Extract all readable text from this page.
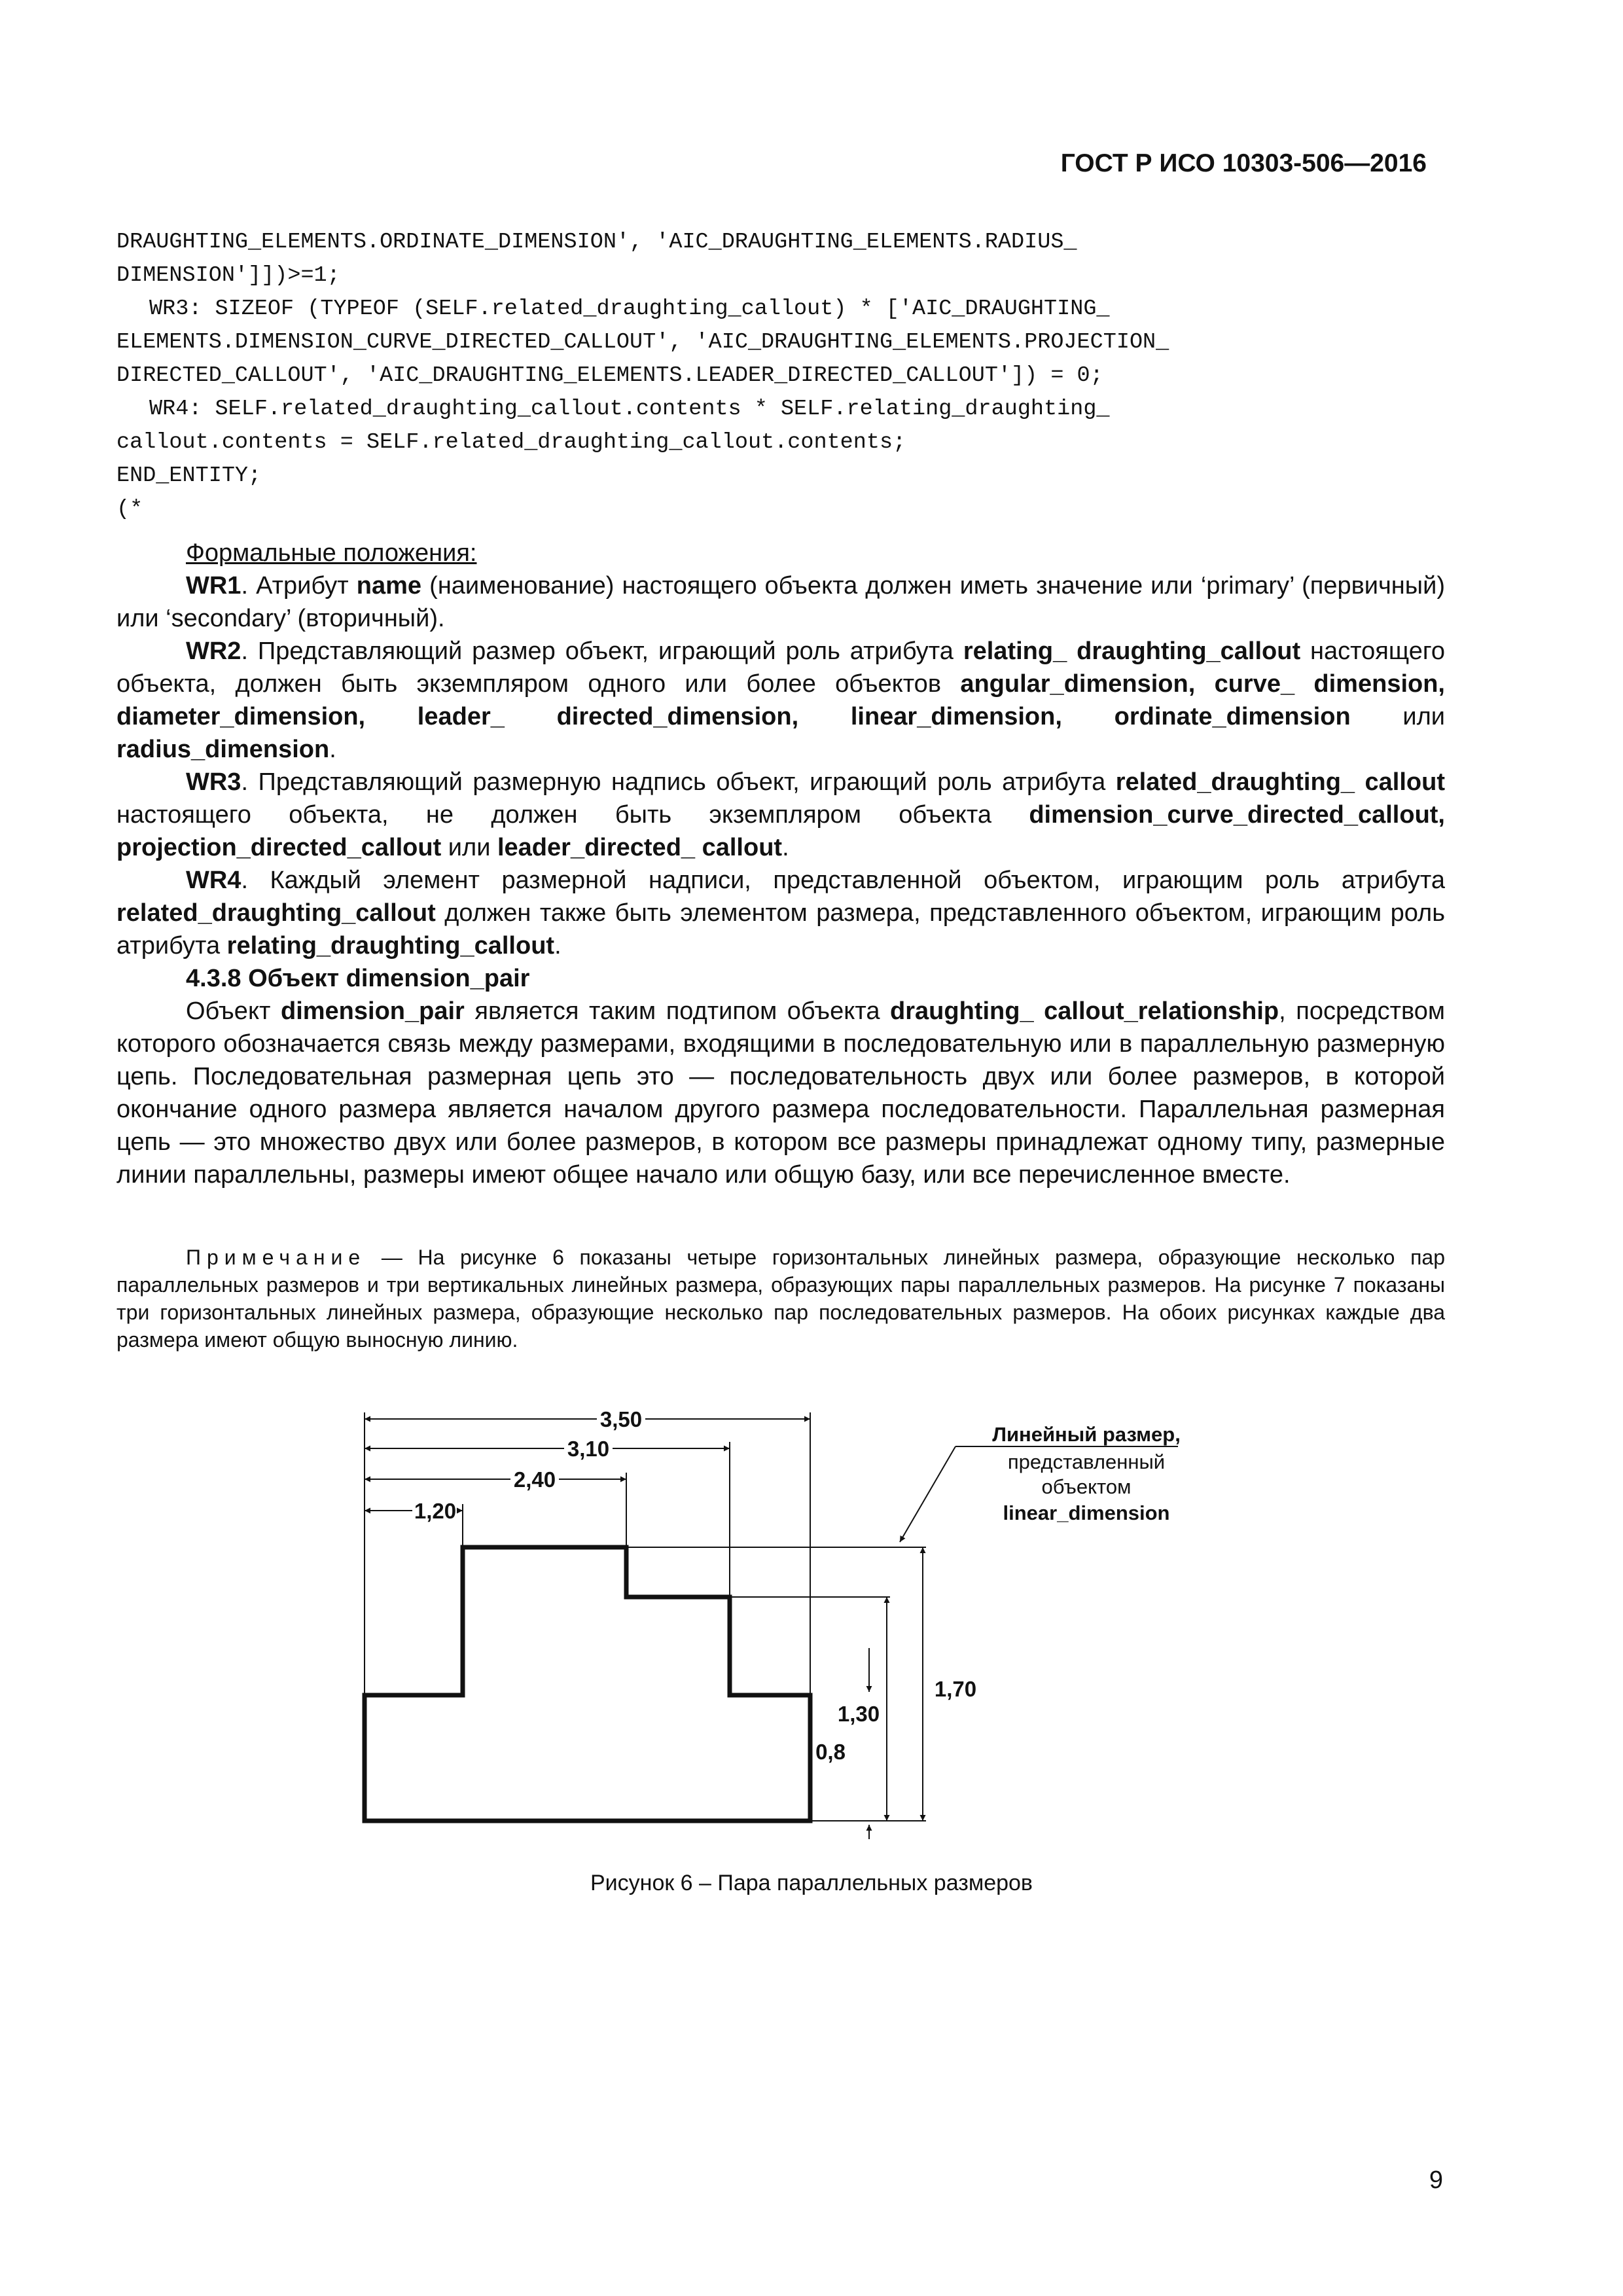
ГОСТ Р ИСО 10303-506—2016
DRAUGHTING_ELEMENTS.ORDINATE_DIMENSION', 'AIC_DRAUGHTING_ELEMENTS.RADIUS_
DIMENSION']])>=1;
WR3: SIZEOF (TYPEOF (SELF.related_draughting_callout) * ['AIC_DRAUGHTING_
ELEMENTS.DIMENSION_CURVE_DIRECTED_CALLOUT', 'AIC_DRAUGHTING_ELEMENTS.PROJECTION_
DIRECTED_CALLOUT', 'AIC_DRAUGHTING_ELEMENTS.LEADER_DIRECTED_CALLOUT']) = 0;
WR4: SELF.related_draughting_callout.contents * SELF.relating_draughting_
callout.contents = SELF.related_draughting_callout.contents;
END_ENTITY;
(*

Формальные положения:

WR1. Атрибут name (наименование) настоящего объекта должен иметь значение или ‘primary’ (первичный) или ‘secondary’ (вторичный).

WR2. Представляющий размер объект, играющий роль атрибута relating_ draughting_callout настоящего объекта, должен быть экземпляром одного или более объектов angular_dimension, curve_ dimension, diameter_dimension, leader_ directed_dimension, linear_dimension, ordinate_dimension или radius_dimension.

WR3. Представляющий размерную надпись объект, играющий роль атрибута related_draughting_ callout настоящего объекта, не должен быть экземпляром объекта dimension_curve_directed_callout, projection_directed_callout или leader_directed_ callout.

WR4. Каждый элемент размерной надписи, представленной объектом, играющим роль атрибута related_draughting_callout должен также быть элементом размера, представленного объектом, играющим роль атрибута relating_draughting_callout.

4.3.8 Объект dimension_pair

Объект dimension_pair является таким подтипом объекта draughting_ callout_relationship, посредством которого обозначается связь между размерами, входящими в последовательную или в параллельную размерную цепь. Последовательная размерная цепь это — последовательность двух или более размеров, в которой окончание одного размера является началом другого размера последовательности. Параллельная размерная цепь — это множество двух или более размеров, в котором все размеры принадлежат одному типу, размерные линии параллельны, размеры имеют общее начало или общую базу, или все перечисленное вместе.

Примечание — На рисунке 6 показаны четыре горизонтальных линейных размера, образующие несколько пар параллельных размеров и три вертикальных линейных размера, образующих пары параллельных размеров. На рисунке 7 показаны три горизонтальных линейных размера, образующие несколько пар последовательных размеров. На обоих рисунках каждые два размера имеют общую выносную линию.
3,50
3,10
2,40
1,20
1,70
1,30
0,8
Линейный размер,
представленный
объектом
linear_dimension
Рисунок 6 – Пара параллельных размеров
9
